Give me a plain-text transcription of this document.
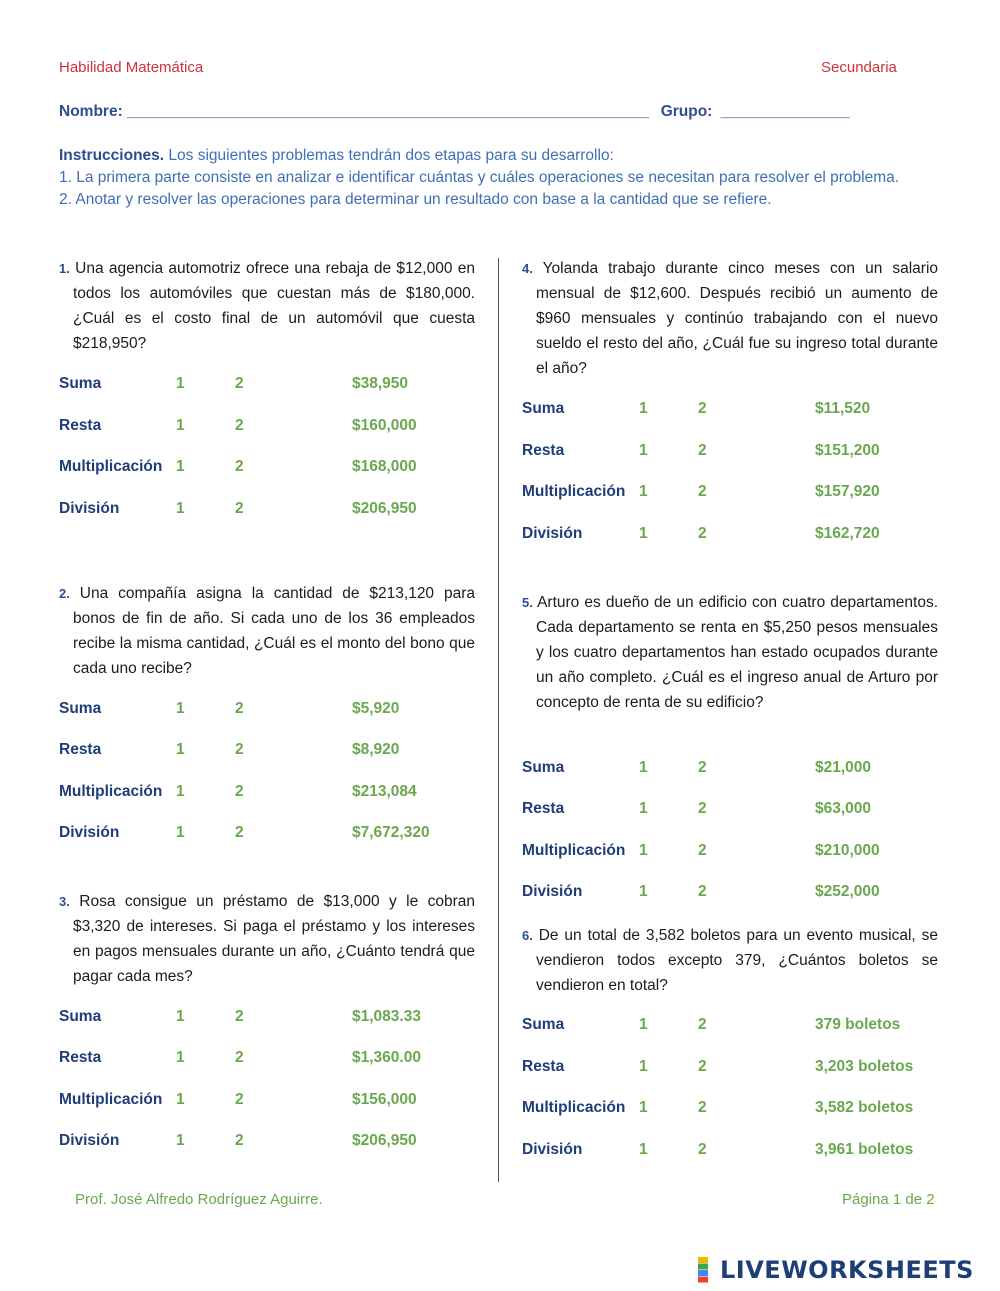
Habilidad Matemática	Secundaria
Nombre: _________________________________________________________________ Grupo: ________________
Instrucciones. Los siguientes problemas tendrán dos etapas para su desarrollo:
1. La primera parte consiste en analizar e identificar cuántas y cuáles operaciones se necesitan para resolver el problema.
2. Anotar y resolver las operaciones para determinar un resultado con base a la cantidad que se refiere.
1. Una agencia automotriz ofrece una rebaja de $12,000 en todos los automóviles que cuestan más de $180,000. ¿Cuál es el costo final de un automóvil que cuesta $218,950?
Suma	1	2	$38,950
Resta	1	2	$160,000
Multiplicación 1	2	$168,000
División	1	2	$206,950
2. Una compañía asigna la cantidad de $213,120 para bonos de fin de año. Si cada uno de los 36 empleados recibe la misma cantidad, ¿Cuál es el monto del bono que cada uno recibe?
Suma	1	2	$5,920
Resta	1	2	$8,920
Multiplicación 1	2	$213,084
División	1	2	$7,672,320
3. Rosa consigue un préstamo de $13,000 y le cobran $3,320 de intereses. Si paga el préstamo y los intereses en pagos mensuales durante un año, ¿Cuánto tendrá que pagar cada mes?
Suma	1	2	$1,083.33
Resta	1	2	$1,360.00
Multiplicación 1	2	$156,000
División	1	2	$206,950
4. Yolanda trabajo durante cinco meses con un salario mensual de $12,600. Después recibió un aumento de $960 mensuales y continúo trabajando con el nuevo sueldo el resto del año, ¿Cuál fue su ingreso total durante el año?
Suma	1	2	$11,520
Resta	1	2	$151,200
Multiplicación 1	2	$157,920
División	1	2	$162,720
5. Arturo es dueño de un edificio con cuatro departamentos. Cada departamento se renta en $5,250 pesos mensuales y los cuatro departamentos han estado ocupados durante un año completo. ¿Cuál es el ingreso anual de Arturo por concepto de renta de su edificio?
Suma	1	2	$21,000
Resta	1	2	$63,000
Multiplicación 1	2	$210,000
División	1	2	$252,000
6. De un total de 3,582 boletos para un evento musical, se vendieron todos excepto 379, ¿Cuántos boletos se vendieron en total?
Suma	1	2	379 boletos
Resta	1	2	3,203 boletos
Multiplicación 1	2	3,582 boletos
División	1	2	3,961 boletos
Prof. José Alfredo Rodríguez Aguirre.	Página 1 de 2
LIVEWORKSHEETS
